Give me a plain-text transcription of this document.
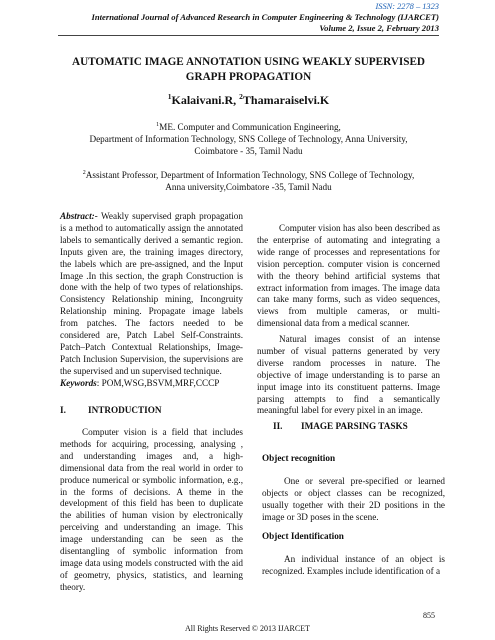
ISSN: 2278 – 1323
International Journal of Advanced Research in Computer Engineering & Technology (IJARCET)
Volume 2, Issue 2, February 2013
AUTOMATIC IMAGE ANNOTATION USING WEAKLY SUPERVISED
GRAPH PROPAGATION
$^1$Kalaivani.R, $^2$Thamaraiselvi.K
$^1$ME. Computer and Communication Engineering,
Department of Information Technology, SNS College of Technology, Anna University,
Coimbatore - 35, Tamil Nadu
$^2$Assistant Professor, Department of Information Technology, SNS College of Technology,
Anna university,Coimbatore -35, Tamil Nadu
Abstract:- Weakly supervised graph propagation is a method to automatically assign the annotated labels to semantically derived a semantic region. Inputs given are, the training images directory, the labels which are pre-assigned, and the Input Image .In this section, the graph Construction is done with the help of two types of relationships. Consistency Relationship mining, Incongruity Relationship mining. Propagate image labels from patches. The factors needed to be considered are, Patch Label Self-Constraints. Patch–Patch Contextual Relationships, Image-Patch Inclusion Supervision, the supervisions are the supervised and un supervised technique.
Keywords: POM,WSG,BSVM,MRF,CCCP
I. INTRODUCTION
Computer vision is a field that includes methods for acquiring, processing, analysing , and understanding images and, a high-dimensional data from the real world in order to produce numerical or symbolic information, e.g., in the forms of decisions. A theme in the development of this field has been to duplicate the abilities of human vision by electronically perceiving and understanding an image. This image understanding can be seen as the disentangling of symbolic information from image data using models constructed with the aid of geometry, physics, statistics, and learning theory.
Computer vision has also been described as the enterprise of automating and integrating a wide range of processes and representations for vision perception. computer vision is concerned with the theory behind artificial systems that extract information from images. The image data can take many forms, such as video sequences, views from multiple cameras, or multi-dimensional data from a medical scanner.
Natural images consist of an intense number of visual patterns generated by very diverse random processes in nature. The objective of image understanding is to parse an input image into its constituent patterns. Image parsing attempts to find a semantically meaningful label for every pixel in an image.
II. IMAGE PARSING TASKS
Object recognition
One or several pre-specified or learned objects or object classes can be recognized, usually together with their 2D positions in the image or 3D poses in the scene.
Object Identification
An individual instance of an object is recognized. Examples include identification of a
855
All Rights Reserved © 2013 IJARCET
